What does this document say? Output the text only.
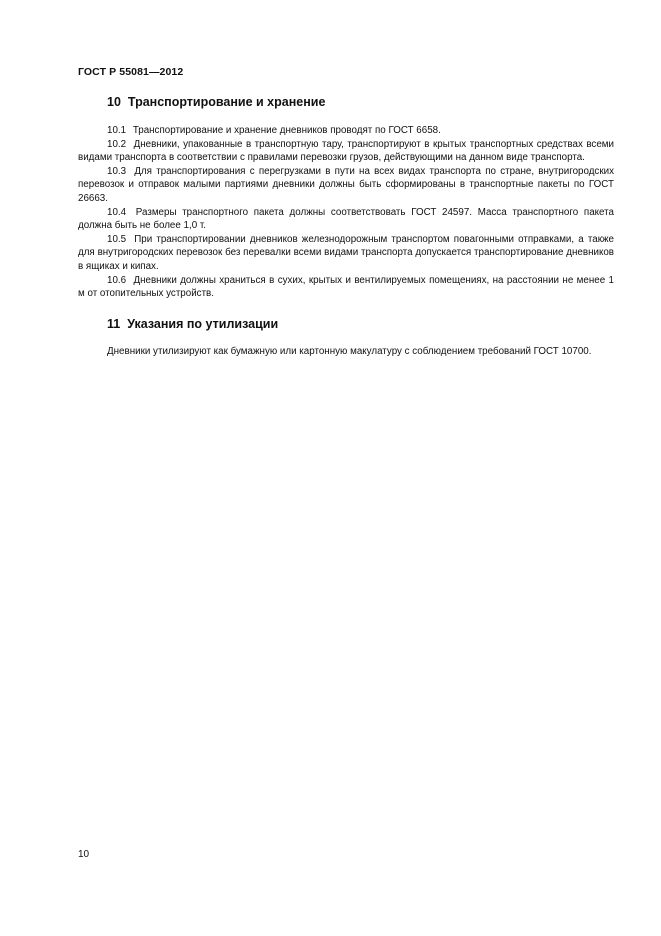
ГОСТ Р 55081—2012
10 Транспортирование и хранение

10.1 Транспортирование и хранение дневников проводят по ГОСТ 6658.

10.2 Дневники, упакованные в транспортную тару, транспортируют в крытых транспортных средствах всеми видами транспорта в соответствии с правилами перевозки грузов, действующими на данном виде транспорта.

10.3 Для транспортирования с перегрузками в пути на всех видах транспорта по стране, внутригородских перевозок и отправок малыми партиями дневники должны быть сформированы в транспортные пакеты по ГОСТ 26663.

10.4 Размеры транспортного пакета должны соответствовать ГОСТ 24597. Масса транспортного пакета должна быть не более 1,0 т.

10.5 При транспортировании дневников железнодорожным транспортом повагонными отправками, а также для внутригородских перевозок без перевалки всеми видами транспорта допускается транспортирование дневников в ящиках и кипах.

10.6 Дневники должны храниться в сухих, крытых и вентилируемых помещениях, на расстоянии не менее 1 м от отопительных устройств.

11 Указания по утилизации

Дневники утилизируют как бумажную или картонную макулатуру с соблюдением требований ГОСТ 10700.

10
